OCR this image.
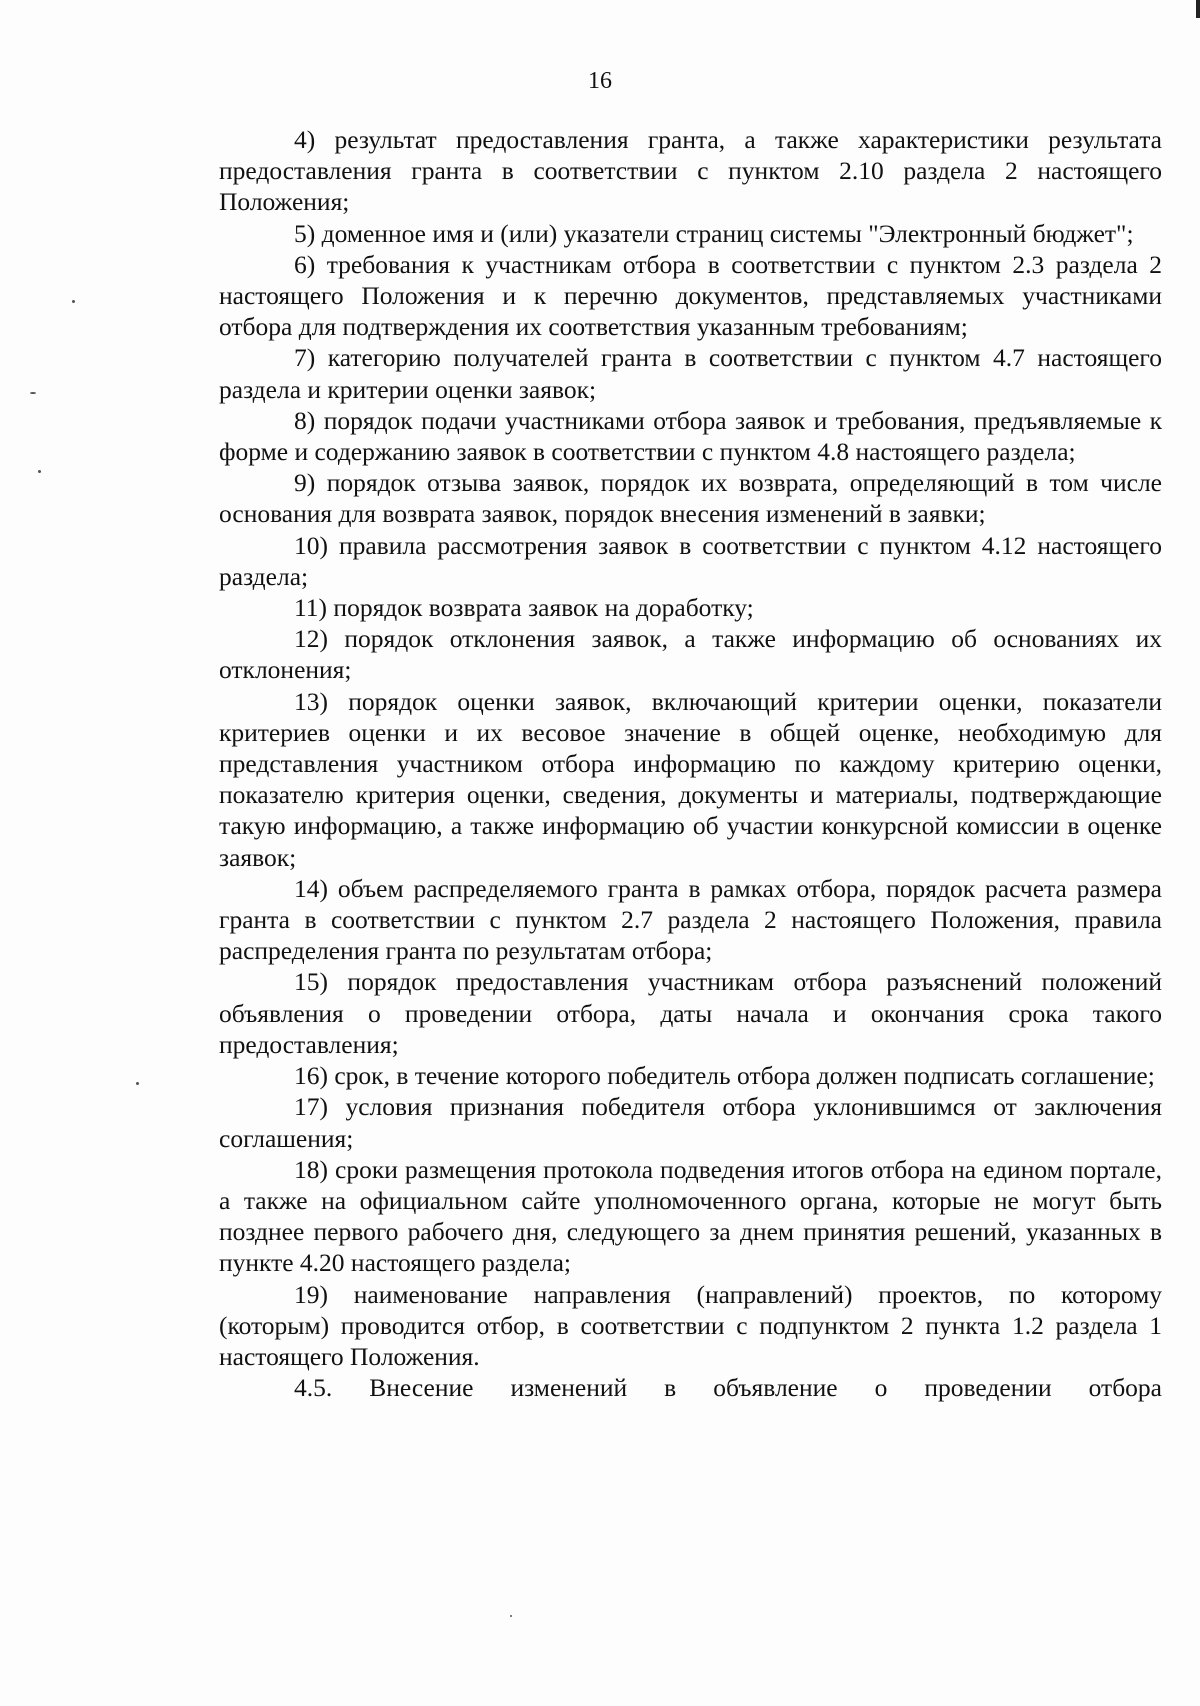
16

4) результат предоставления гранта, а также характеристики результата предоставления гранта в соответствии с пунктом 2.10 раздела 2 настоящего Положения;

5) доменное имя и (или) указатели страниц системы "Электронный бюджет";

6) требования к участникам отбора в соответствии с пунктом 2.3 раздела 2 настоящего Положения и к перечню документов, представляемых участниками отбора для подтверждения их соответствия указанным требованиям;

7) категорию получателей гранта в соответствии с пунктом 4.7 настоящего раздела и критерии оценки заявок;

8) порядок подачи участниками отбора заявок и требования, предъявляемые к форме и содержанию заявок в соответствии с пунктом 4.8 настоящего раздела;

9) порядок отзыва заявок, порядок их возврата, определяющий в том числе основания для возврата заявок, порядок внесения изменений в заявки;

10) правила рассмотрения заявок в соответствии с пунктом 4.12 настоящего раздела;

11) порядок возврата заявок на доработку;

12) порядок отклонения заявок, а также информацию об основаниях их отклонения;

13) порядок оценки заявок, включающий критерии оценки, показатели критериев оценки и их весовое значение в общей оценке, необходимую для представления участником отбора информацию по каждому критерию оценки, показателю критерия оценки, сведения, документы и материалы, подтверждающие такую информацию, а также информацию об участии конкурсной комиссии в оценке заявок;

14) объем распределяемого гранта в рамках отбора, порядок расчета размера гранта в соответствии с пунктом 2.7 раздела 2 настоящего Положения, правила распределения гранта по результатам отбора;

15) порядок предоставления участникам отбора разъяснений положений объявления о проведении отбора, даты начала и окончания срока такого предоставления;

16) срок, в течение которого победитель отбора должен подписать соглашение;

17) условия признания победителя отбора уклонившимся от заключения соглашения;

18) сроки размещения протокола подведения итогов отбора на едином портале, а также на официальном сайте уполномоченного органа, которые не могут быть позднее первого рабочего дня, следующего за днем принятия решений, указанных в пункте 4.20 настоящего раздела;

19) наименование направления (направлений) проектов, по которому (которым) проводится отбор, в соответствии с подпунктом 2 пункта 1.2 раздела 1 настоящего Положения.

4.5. Внесение изменений в объявление о проведении отбора
